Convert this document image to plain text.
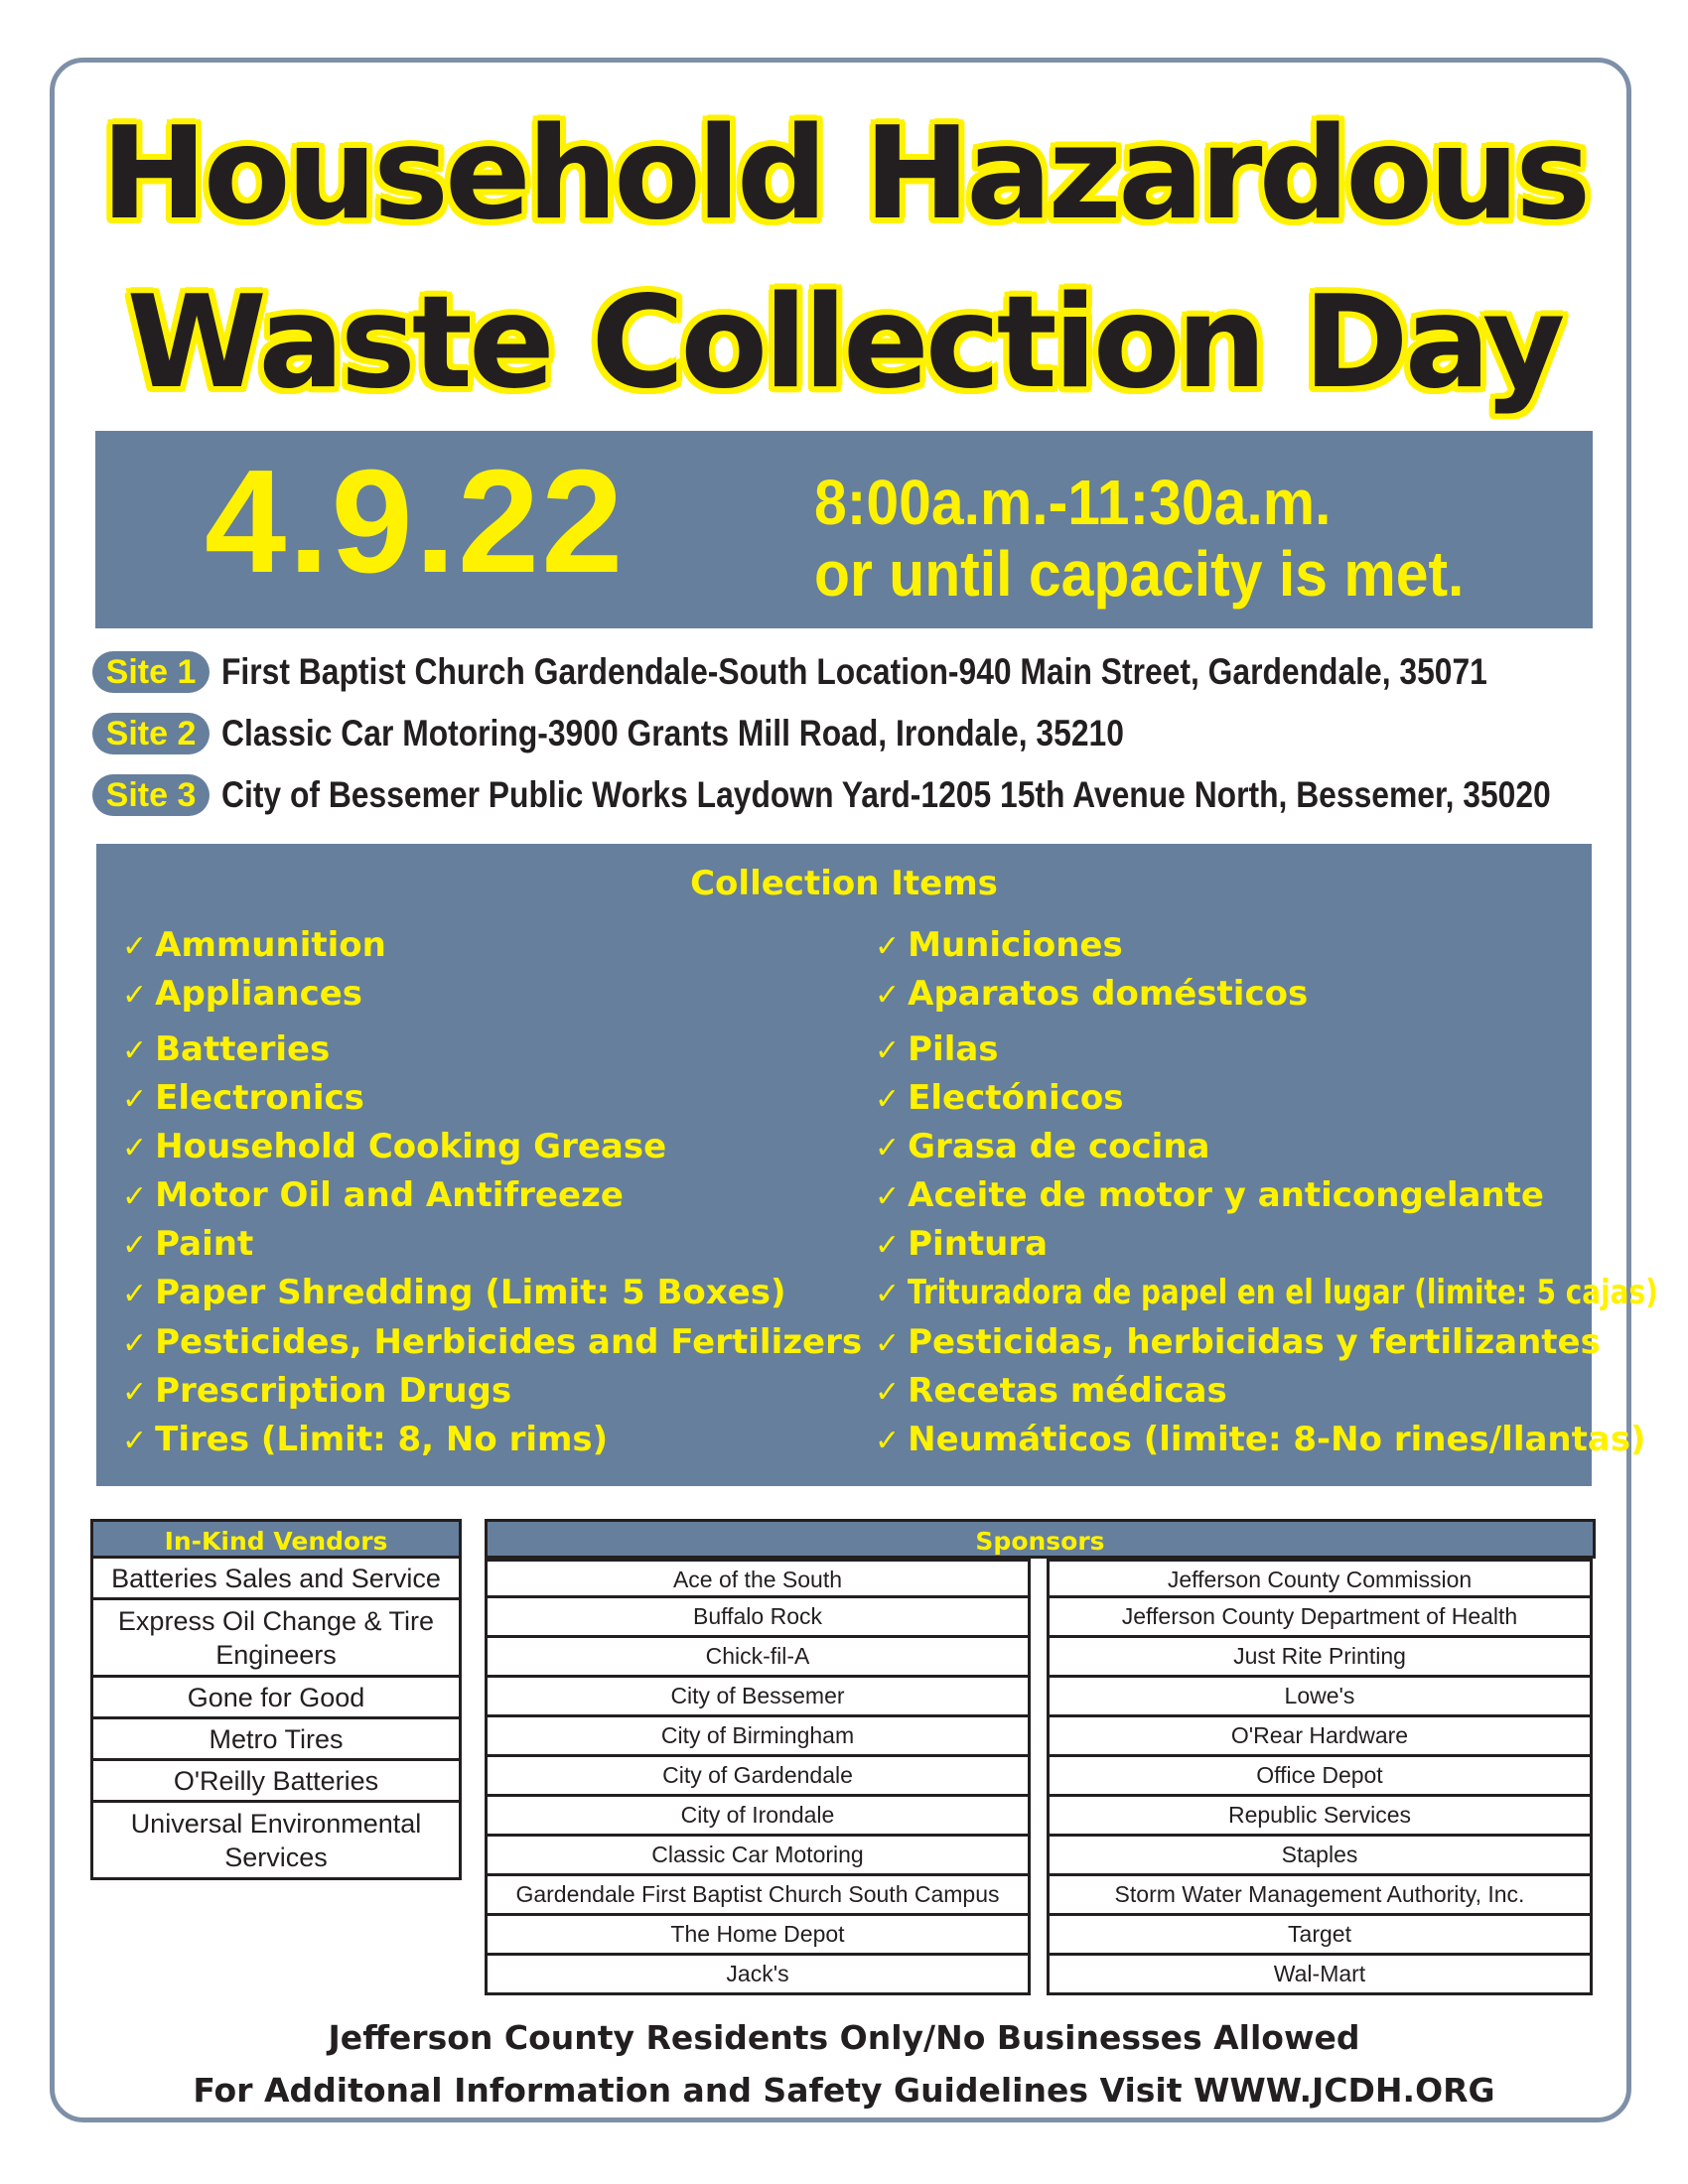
Household Hazardous
Waste Collection Day
4.9.22	8:00a.m.-11:30a.m.
or until capacity is met.
Site 1 First Baptist Church Gardendale-South Location-940 Main Street, Gardendale, 35071
Site 2 Classic Car Motoring-3900 Grants Mill Road, Irondale, 35210
Site 3 City of Bessemer Public Works Laydown Yard-1205 15th Avenue North, Bessemer, 35020
Collection Items
✓ Ammunition
✓ Appliances
✓ Batteries
✓ Electronics
✓ Household Cooking Grease
✓ Motor Oil and Antifreeze
✓ Paint
✓ Paper Shredding (Limit: 5 Boxes)
✓ Pesticides, Herbicides and Fertilizers
✓ Prescription Drugs
✓ Tires (Limit: 8, No rims)
✓ Municiones
✓ Aparatos domésticos
✓ Pilas
✓ Electónicos
✓ Grasa de cocina
✓ Aceite de motor y anticongelante
✓ Pintura
✓ Trituradora de papel en el lugar (limite: 5 cajas)
✓ Pesticidas, herbicidas y fertilizantes
✓ Recetas médicas
✓ Neumáticos (limite: 8-No rines/llantas)
In-Kind Vendors
Batteries Sales and Service
Express Oil Change & Tire Engineers
Gone for Good
Metro Tires
O'Reilly Batteries
Universal Environmental Services
Sponsors
Ace of the South
Buffalo Rock
Chick-fil-A
City of Bessemer
City of Birmingham
City of Gardendale
City of Irondale
Classic Car Motoring
Gardendale First Baptist Church South Campus
The Home Depot
Jack's
Jefferson County Commission
Jefferson County Department of Health
Just Rite Printing
Lowe's
O'Rear Hardware
Office Depot
Republic Services
Staples
Storm Water Management Authority, Inc.
Target
Wal-Mart
Jefferson County Residents Only/No Businesses Allowed
For Additonal Information and Safety Guidelines Visit WWW.JCDH.ORG
